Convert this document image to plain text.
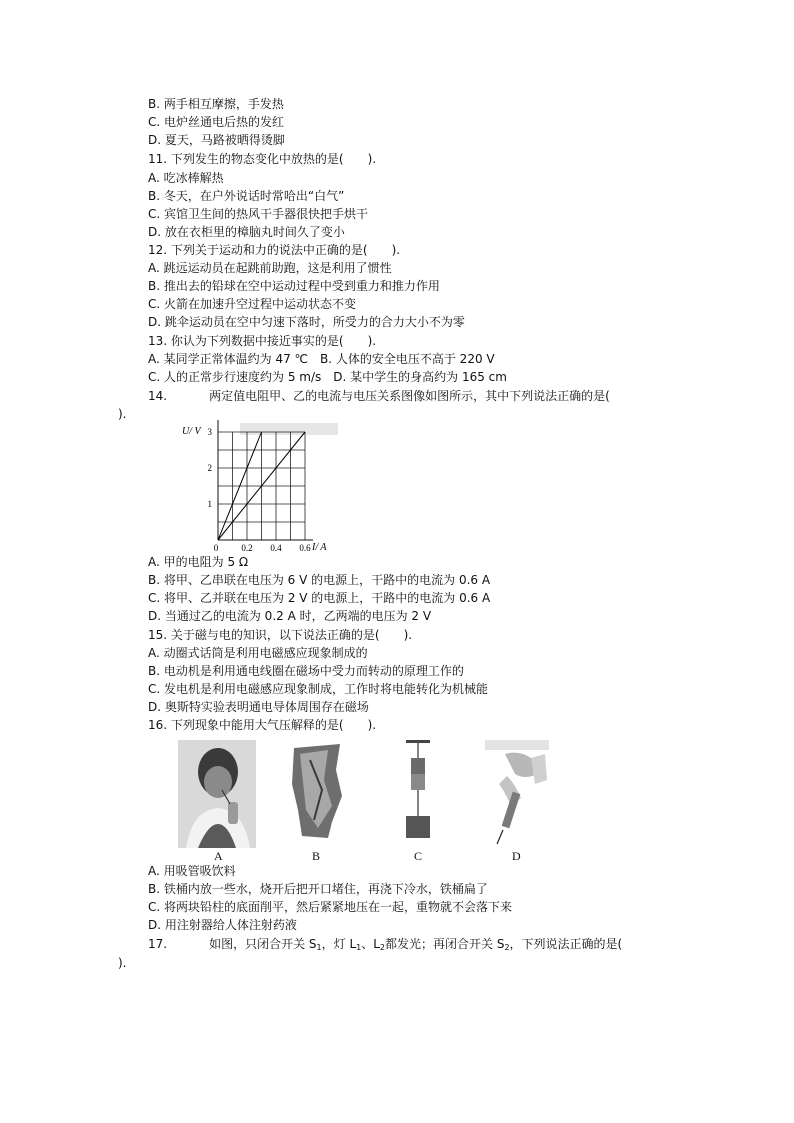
B. 两手相互摩擦，手发热
C. 电炉丝通电后热的发红
D. 夏天，马路被晒得烫脚
11. 下列发生的物态变化中放热的是(　　).
A. 吃冰棒解热
B. 冬天，在户外说话时常哈出“白气”
C. 宾馆卫生间的热风干手器很快把手烘干
D. 放在衣柜里的樟脑丸时间久了变小
12. 下列关于运动和力的说法中正确的是(　　).
A. 跳远运动员在起跳前助跑，这是利用了惯性
B. 推出去的铅球在空中运动过程中受到重力和推力作用
C. 火箭在加速升空过程中运动状态不变
D. 跳伞运动员在空中匀速下落时，所受力的合力大小不为零
13. 你认为下列数据中接近事实的是(　　).
A. 某同学正常体温约为 47 ℃　B. 人体的安全电压不高于 220 V
C. 人的正常步行速度约为 5 m/s　D. 某中学生的身高约为 165 cm
14.	两定值电阻甲、乙的电流与电压关系图像如图所示，其中下列说法正确的是(
).
0	0.2 0.4 0.6
1
2
3
U/ V
I/ A
A. 甲的电阻为 5 Ω
B. 将甲、乙串联在电压为 6 V 的电源上，干路中的电流为 0.6 A
C. 将甲、乙并联在电压为 2 V 的电源上，干路中的电流为 0.6 A
D. 当通过乙的电流为 0.2 A 时，乙两端的电压为 2 V
15. 关于磁与电的知识，以下说法正确的是(　　).
A. 动圈式话筒是利用电磁感应现象制成的
B. 电动机是利用通电线圈在磁场中受力而转动的原理工作的
C. 发电机是利用电磁感应现象制成，工作时将电能转化为机械能
D. 奥斯特实验表明通电导体周围存在磁场
16. 下列现象中能用大气压解释的是(　　).
A	B	C	D
A. 用吸管吸饮料
B. 铁桶内放一些水，烧开后把开口堵住，再浇下冷水，铁桶扁了
C. 将两块铅柱的底面削平，然后紧紧地压在一起，重物就不会落下来
D. 用注射器给人体注射药液
17.	如图，只闭合开关 $S_1$，灯 $L_1$、$L_2$都发光；再闭合开关 $S_2$，下列说法正确的是(
).
